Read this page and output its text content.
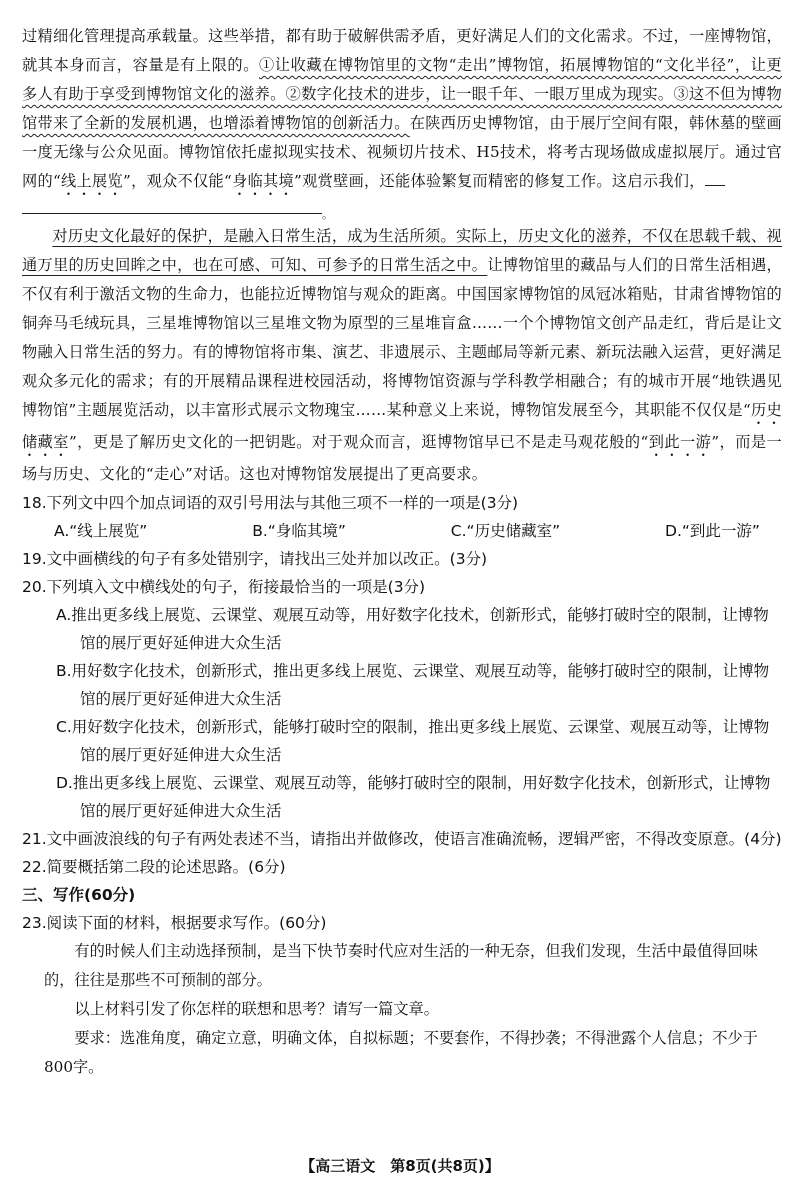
过精细化管理提高承载量。这些举措，都有助于破解供需矛盾，更好满足人们的文化需求。不过，一座博物馆，就其本身而言，容量是有上限的。①让收藏在博物馆里的文物“走出”博物馆，拓展博物馆的“文化半径”，让更多人有助于享受到博物馆文化的滋养。②数字化技术的进步，让一眼千年、一眼万里成为现实。③这不但为博物馆带来了全新的发展机遇，也增添着博物馆的创新活力。在陕西历史博物馆，由于展厅空间有限，韩休墓的壁画一度无缘与公众见面。博物馆依托虚拟现实技术、视频切片技术、H5技术，将考古现场做成虚拟展厅。通过官网的“线上展览”，观众不仅能“身临其境”观赏壁画，还能体验繁复而精密的修复工作。这启示我们，

。

对历史文化最好的保护，是融入日常生活，成为生活所须。实际上，历史文化的滋养，不仅在思载千载、视通万里的历史回眸之中，也在可感、可知、可参予的日常生活之中。让博物馆里的藏品与人们的日常生活相遇，不仅有利于激活文物的生命力，也能拉近博物馆与观众的距离。中国国家博物馆的凤冠冰箱贴，甘肃省博物馆的铜奔马毛绒玩具，三星堆博物馆以三星堆文物为原型的三星堆盲盒……一个个博物馆文创产品走红，背后是让文物融入日常生活的努力。有的博物馆将市集、演艺、非遗展示、主题邮局等新元素、新玩法融入运营，更好满足观众多元化的需求；有的开展精品课程进校园活动，将博物馆资源与学科教学相融合；有的城市开展“地铁遇见博物馆”主题展览活动，以丰富形式展示文物瑰宝……某种意义上来说，博物馆发展至今，其职能不仅仅是“历史储藏室”，更是了解历史文化的一把钥匙。对于观众而言，逛博物馆早已不是走马观花般的“到此一游”，而是一场与历史、文化的“走心”对话。这也对博物馆发展提出了更高要求。

18.下列文中四个加点词语的双引号用法与其他三项不一样的一项是(3分)

A.“线上展览”	B.“身临其境”	C.“历史储藏室”	D.“到此一游”

19.文中画横线的句子有多处错别字，请找出三处并加以改正。(3分)

20.下列填入文中横线处的句子，衔接最恰当的一项是(3分)

A.推出更多线上展览、云课堂、观展互动等，用好数字化技术，创新形式，能够打破时空的限制，让博物馆的展厅更好延伸进大众生活

B.用好数字化技术，创新形式，推出更多线上展览、云课堂、观展互动等，能够打破时空的限制，让博物馆的展厅更好延伸进大众生活

C.用好数字化技术，创新形式，能够打破时空的限制，推出更多线上展览、云课堂、观展互动等，让博物馆的展厅更好延伸进大众生活

D.推出更多线上展览、云课堂、观展互动等，能够打破时空的限制，用好数字化技术，创新形式，让博物馆的展厅更好延伸进大众生活

21.文中画波浪线的句子有两处表述不当，请指出并做修改，使语言准确流畅，逻辑严密，不得改变原意。(4分)

22.简要概括第二段的论述思路。(6分)

三、写作(60分)

23.阅读下面的材料，根据要求写作。(60分)

有的时候人们主动选择预制，是当下快节奏时代应对生活的一种无奈，但我们发现，生活中最值得回味的，往往是那些不可预制的部分。

以上材料引发了你怎样的联想和思考？请写一篇文章。

要求：选准角度，确定立意，明确文体，自拟标题；不要套作，不得抄袭；不得泄露个人信息；不少于800字。

【高三语文　第8页(共8页)】
